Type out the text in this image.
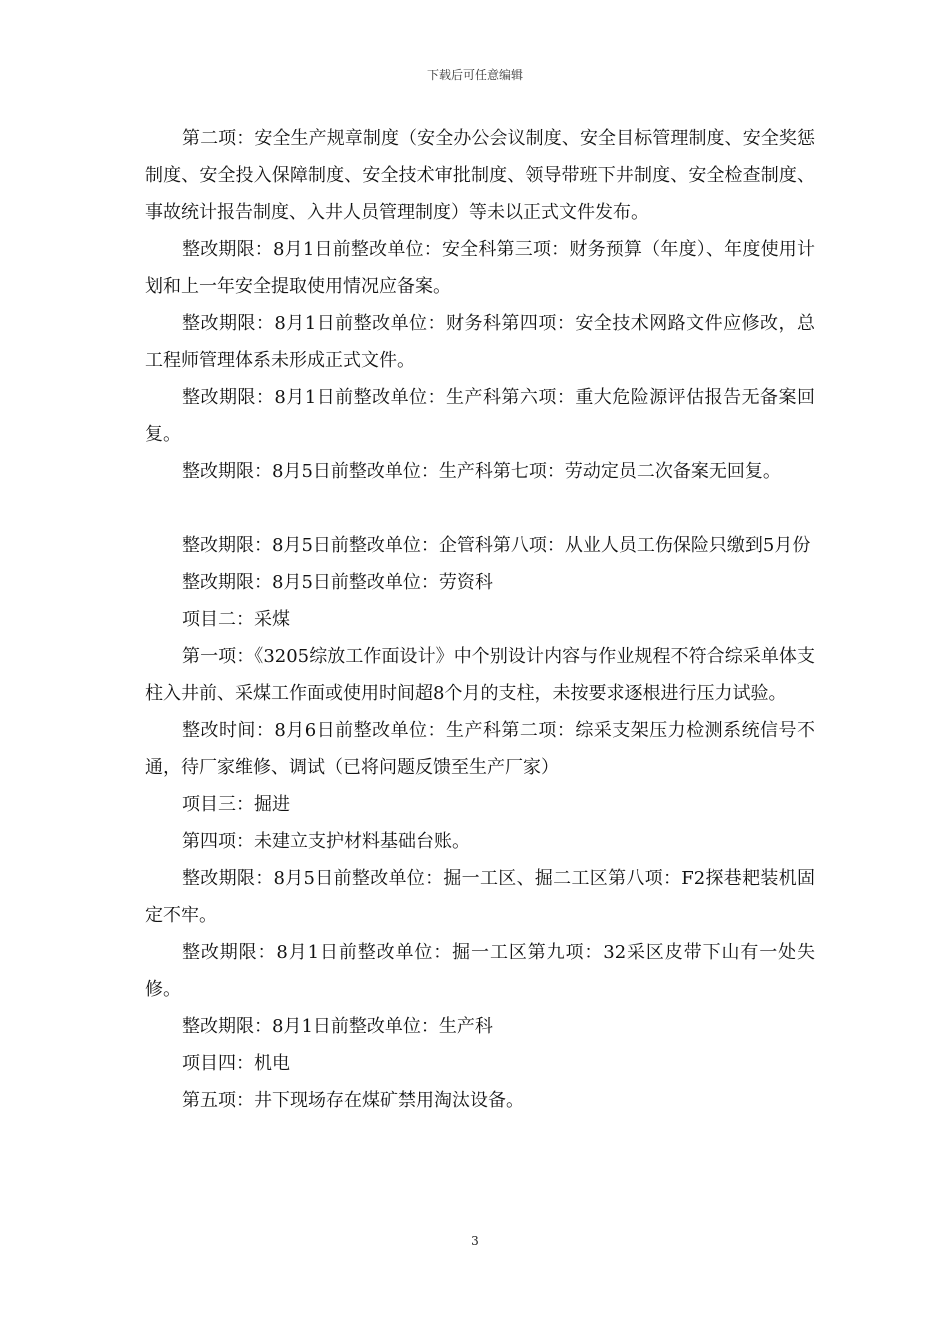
下载后可任意编辑

第二项：安全生产规章制度（安全办公会议制度、安全目标管理制度、安全奖惩制度、安全投入保障制度、安全技术审批制度、领导带班下井制度、安全检查制度、事故统计报告制度、入井人员管理制度）等未以正式文件发布。

整改期限：8月1日前整改单位：安全科第三项：财务预算（年度）、年度使用计划和上一年安全提取使用情况应备案。

整改期限：8月1日前整改单位：财务科第四项：安全技术网路文件应修改，总工程师管理体系未形成正式文件。

整改期限：8月1日前整改单位：生产科第六项：重大危险源评估报告无备案回复。

整改期限：8月5日前整改单位：生产科第七项：劳动定员二次备案无回复。

整改期限：8月5日前整改单位：企管科第八项：从业人员工伤保险只缴到5月份

整改期限：8月5日前整改单位：劳资科

项目二：采煤

第一项：《3205综放工作面设计》中个别设计内容与作业规程不符合综采单体支柱入井前、采煤工作面或使用时间超8个月的支柱，未按要求逐根进行压力试验。

整改时间：8月6日前整改单位：生产科第二项：综采支架压力检测系统信号不通，待厂家维修、调试（已将问题反馈至生产厂家）

项目三：掘进

第四项：未建立支护材料基础台账。

整改期限：8月5日前整改单位：掘一工区、掘二工区第八项：F2探巷耙装机固定不牢。

整改期限：8月1日前整改单位：掘一工区第九项：32采区皮带下山有一处失修。

整改期限：8月1日前整改单位：生产科

项目四：机电

第五项：井下现场存在煤矿禁用淘汰设备。

3
